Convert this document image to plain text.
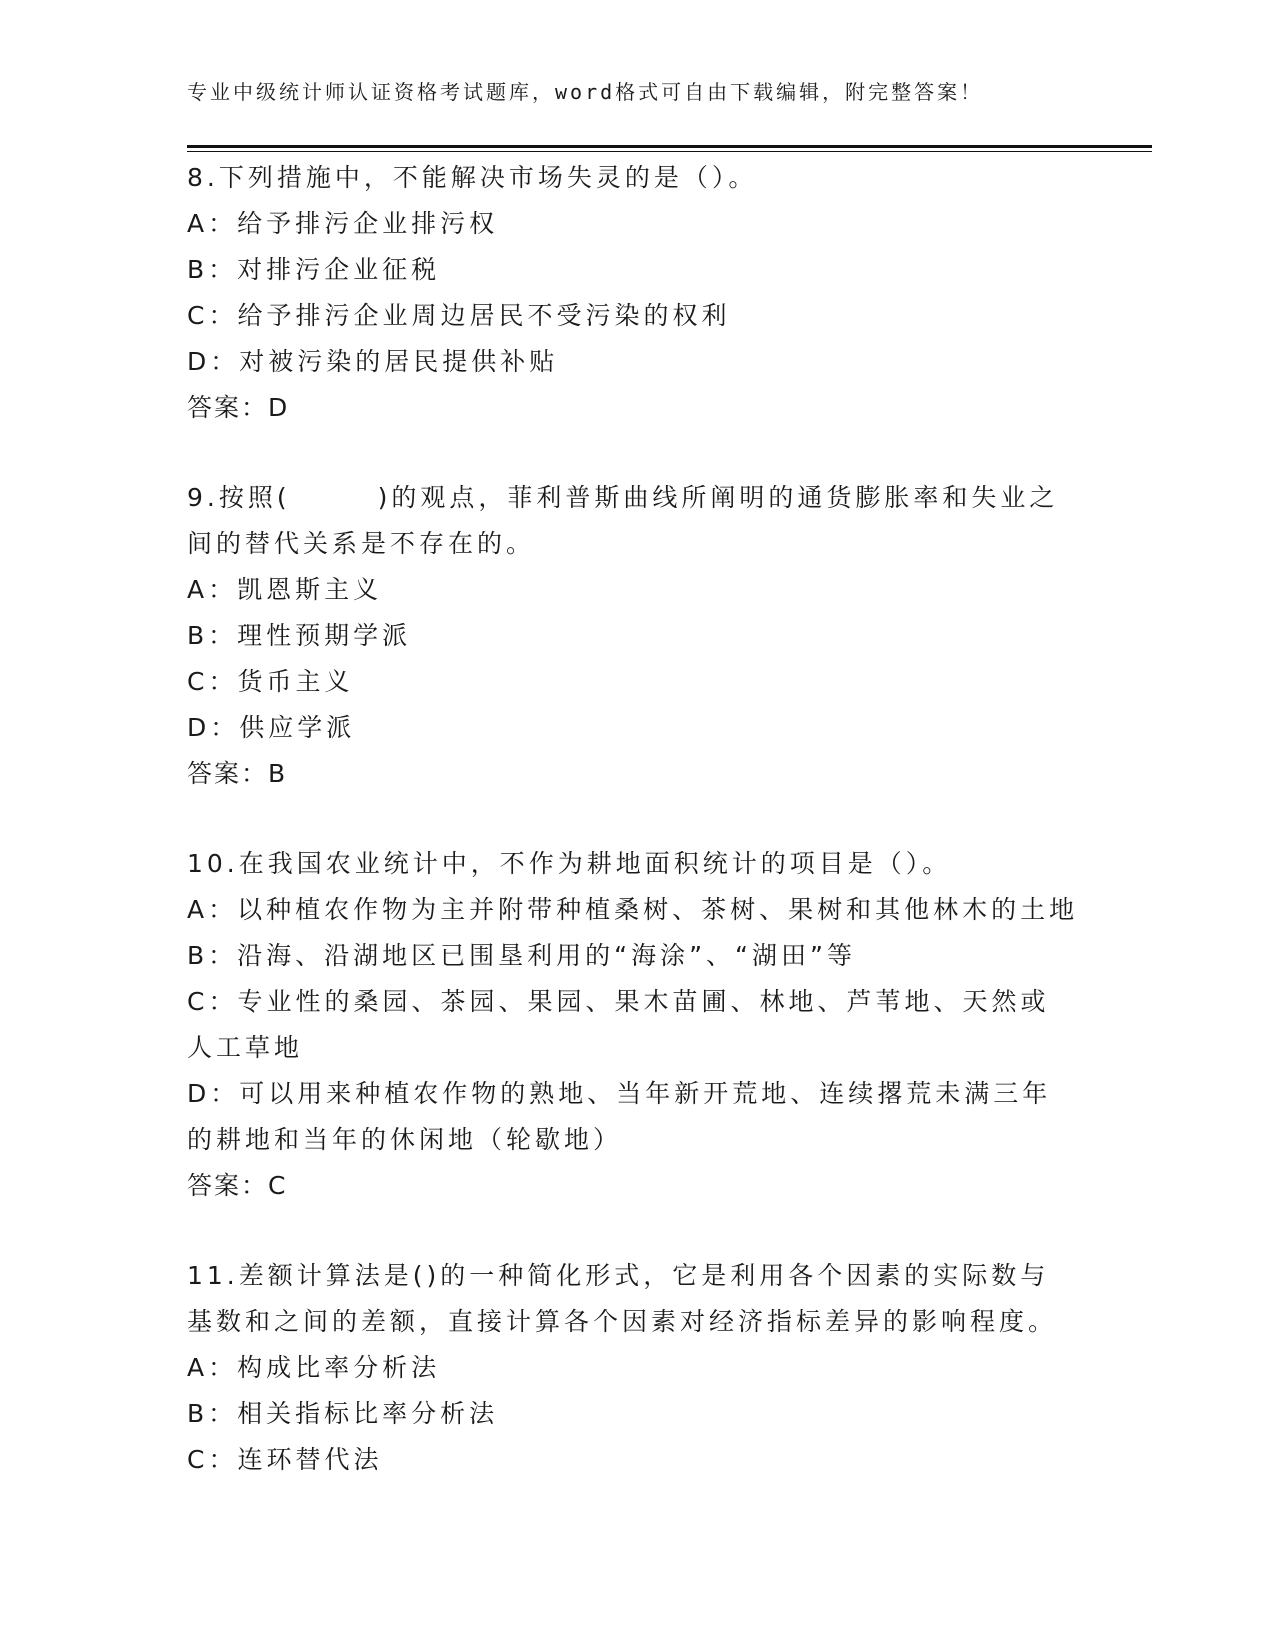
专业中级统计师认证资格考试题库，word格式可自由下载编辑，附完整答案！
8.下列措施中，不能解决市场失灵的是（）。
A：给予排污企业排污权
B：对排污企业征税
C：给予排污企业周边居民不受污染的权利
D：对被污染的居民提供补贴
答案：D
9.按照(　　　)的观点，菲利普斯曲线所阐明的通货膨胀率和失业之间的替代关系是不存在的。
A：凯恩斯主义
B：理性预期学派
C：货币主义
D：供应学派
答案：B
10.在我国农业统计中，不作为耕地面积统计的项目是（）。
A：以种植农作物为主并附带种植桑树、茶树、果树和其他林木的土地
B：沿海、沿湖地区已围垦利用的“海涂”、“湖田”等
C：专业性的桑园、茶园、果园、果木苗圃、林地、芦苇地、天然或人工草地
D：可以用来种植农作物的熟地、当年新开荒地、连续撂荒未满三年的耕地和当年的休闲地（轮歇地）
答案：C
11.差额计算法是()的一种简化形式，它是利用各个因素的实际数与基数和之间的差额，直接计算各个因素对经济指标差异的影响程度。
A：构成比率分析法
B：相关指标比率分析法
C：连环替代法
